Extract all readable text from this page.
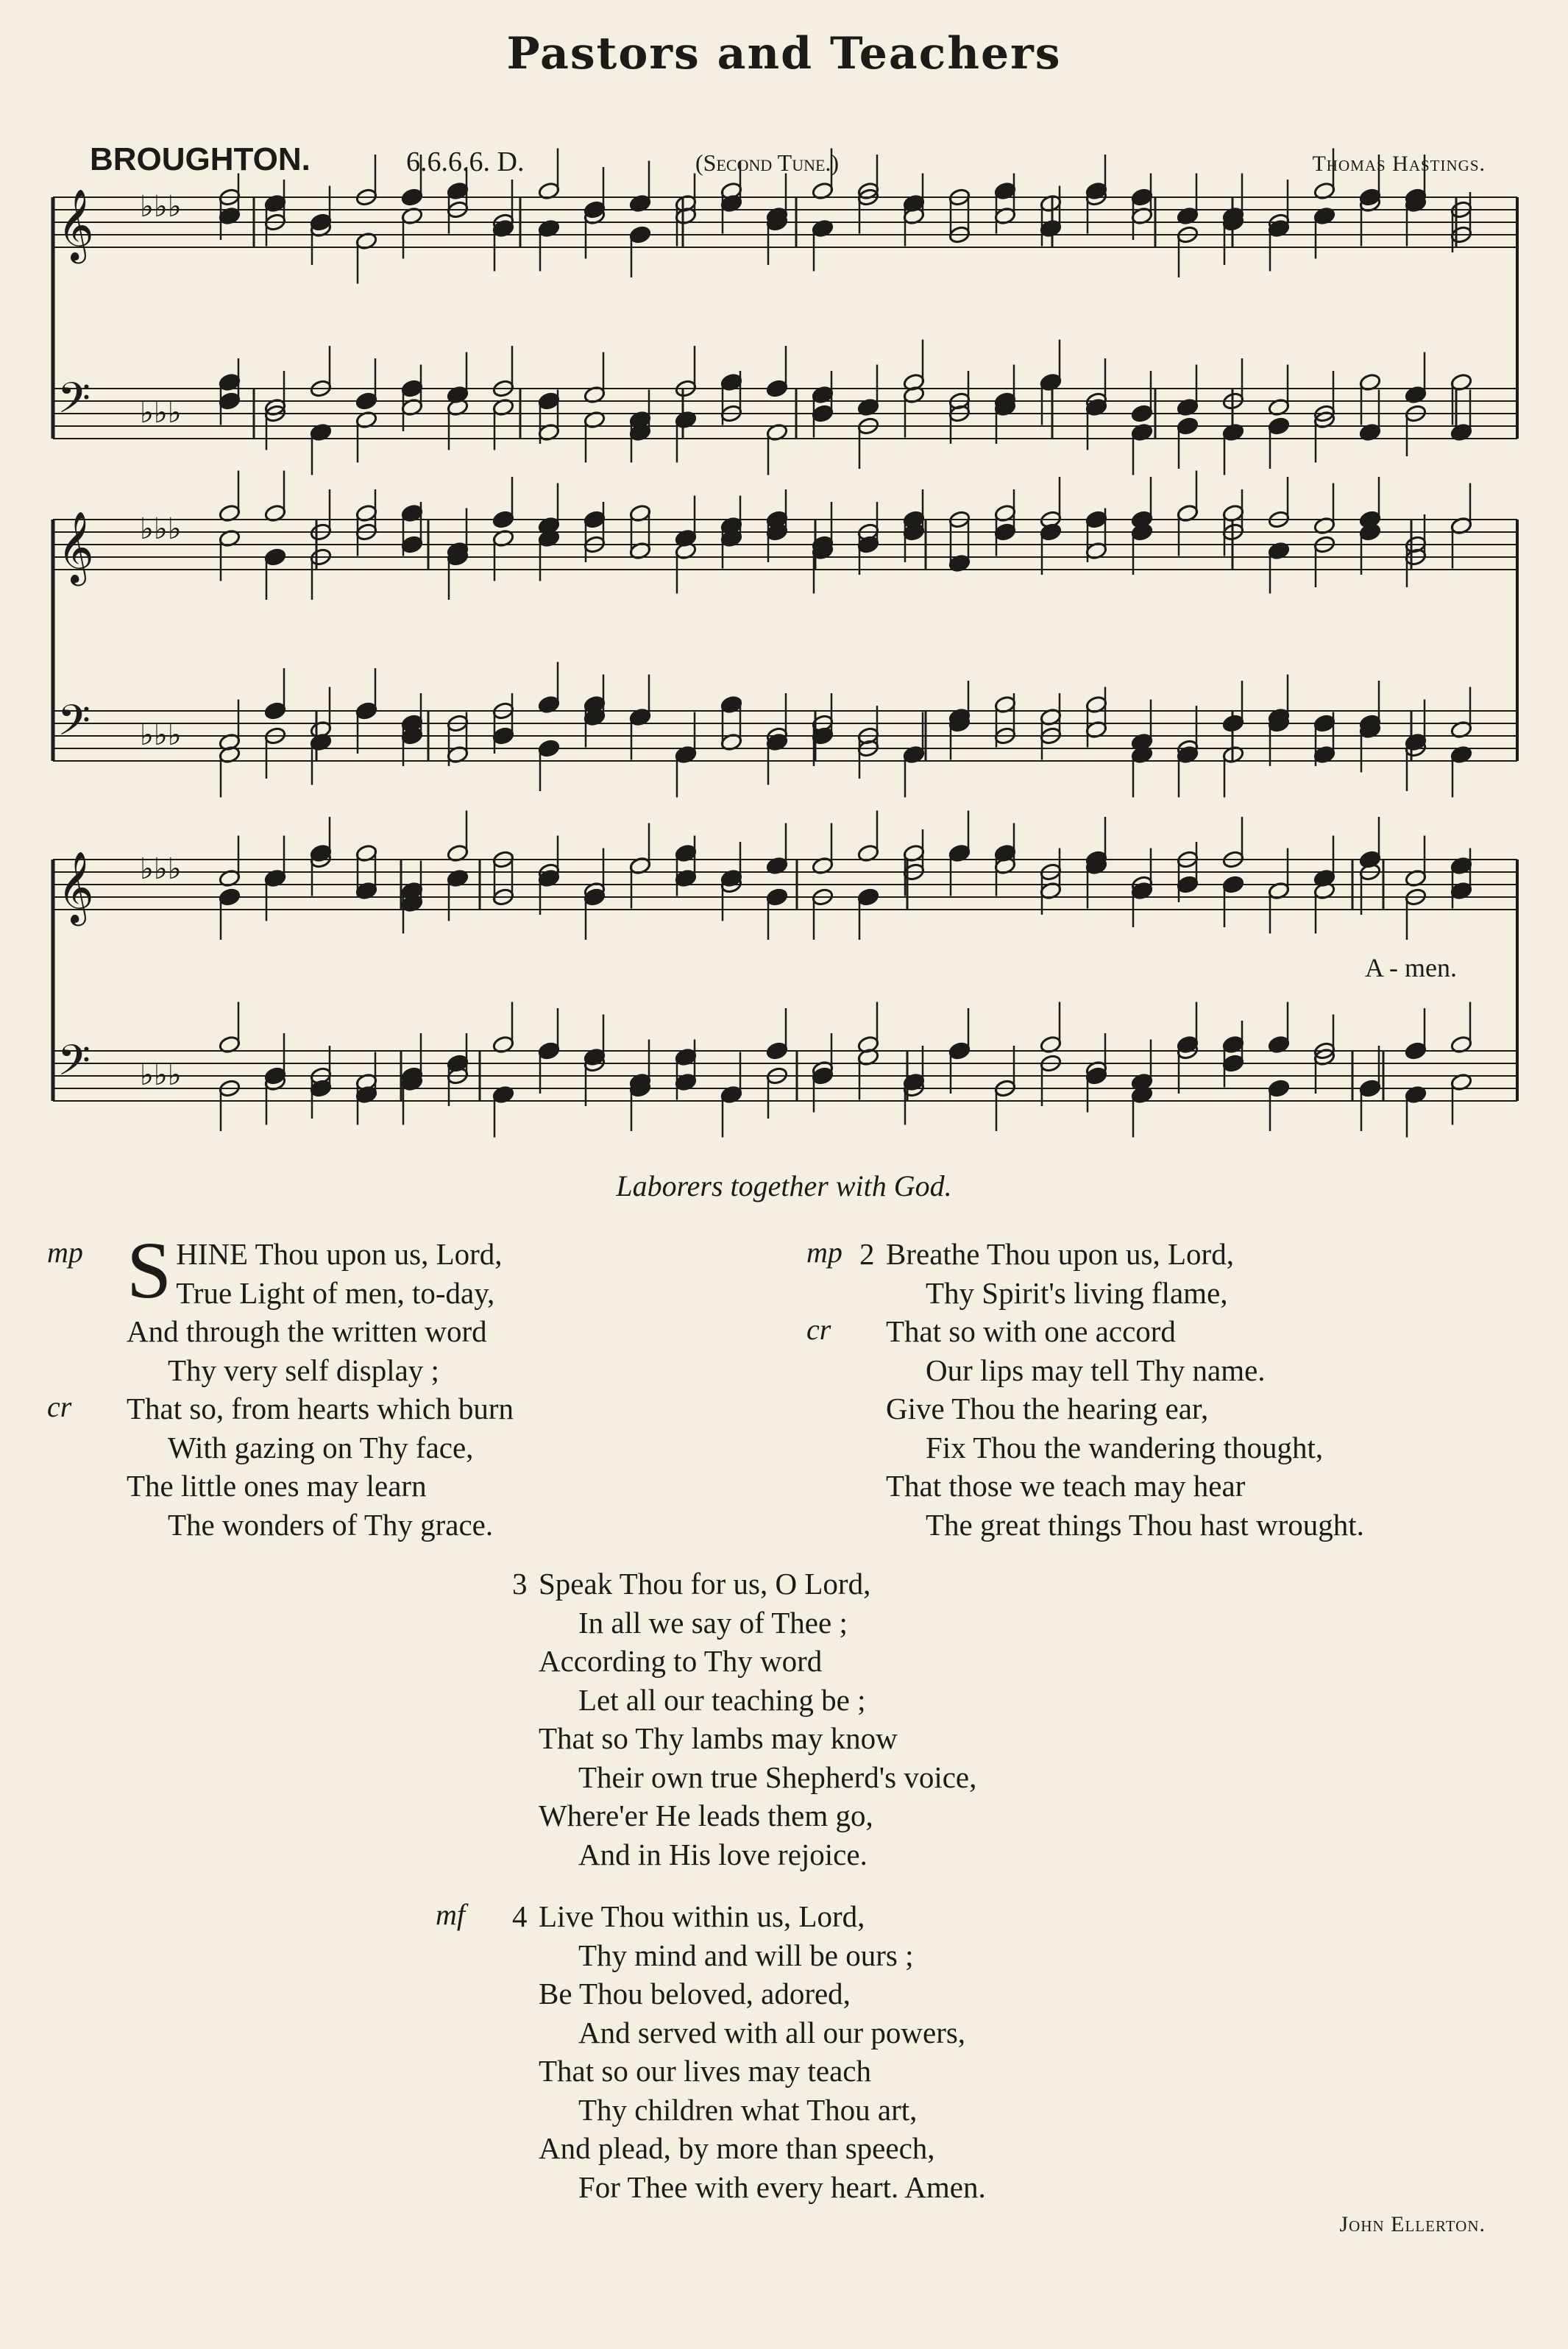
Pastors and Teachers
BROUGHTON.	6.6.6.6. D.	(Second Tune.)	Thomas Hastings.
𝄞 ♭♭♭
𝄢 ♭♭♭
𝄞 ♭♭♭
𝄢 ♭♭♭
𝄞 ♭♭♭
𝄢 ♭♭♭
A - men.
Laborers together with God.
mp
cr
SHINE Thou upon us, Lord,
True Light of men, to-day,
And through the written word
Thy very self display ;
That so, from hearts which burn
With gazing on Thy face,
The little ones may learn
The wonders of Thy grace.
mp
cr
2 Breathe Thou upon us, Lord,
Thy Spirit's living flame,
That so with one accord
Our lips may tell Thy name.
Give Thou the hearing ear,
Fix Thou the wandering thought,
That those we teach may hear
The great things Thou hast wrought.
3 Speak Thou for us, O Lord,
In all we say of Thee ;
According to Thy word
Let all our teaching be ;
That so Thy lambs may know
Their own true Shepherd's voice,
Where'er He leads them go,
And in His love rejoice.
mf 4 Live Thou within us, Lord,
Thy mind and will be ours ;
Be Thou beloved, adored,
And served with all our powers,
That so our lives may teach
Thy children what Thou art,
And plead, by more than speech,
For Thee with every heart. Amen.
John Ellerton.
